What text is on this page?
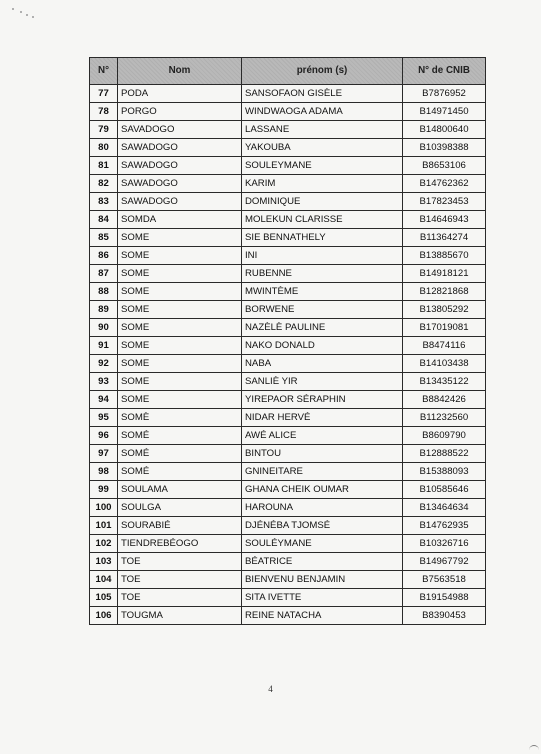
N°	Nom	prénom (s)	N° de CNIB
77	PODA	SANSOFAON GISÈLE	B7876952
78	PORGO	WINDWAOGA ADAMA	B14971450
79	SAVADOGO	LASSANE	B14800640
80	SAWADOGO	YAKOUBA	B10398388
81	SAWADOGO	SOULEYMANE	B8653106
82	SAWADOGO	KARIM	B14762362
83	SAWADOGO	DOMINIQUE	B17823453
84	SOMDA	MOLEKUN CLARISSE	B14646943
85	SOME	SIE BENNATHELY	B11364274
86	SOME	INI	B13885670
87	SOME	RUBENNE	B14918121
88	SOME	MWINTÈME	B12821868
89	SOME	BORWENE	B13805292
90	SOME	NAZÈLÈ PAULINE	B17019081
91	SOME	NAKO DONALD	B8474116
92	SOME	NABA	B14103438
93	SOME	SANLIÈ YIR	B13435122
94	SOME	YIREPAOR SÉRAPHIN	B8842426
95	SOMÈ	NIDAR HERVÉ	B11232560
96	SOMÉ	AWÉ ALICE	B8609790
97	SOMÉ	BINTOU	B12888522
98	SOMÉ	GNINEITARE	B15388093
99	SOULAMA	GHANA CHEIK OUMAR	B10585646
100	SOULGA	HAROUNA	B13464634
101	SOURABIÉ	DJÉNÉBA TJOMSÉ	B14762935
102	TIENDREBÉOGO	SOULÉYMANE	B10326716
103	TOE	BÉATRICE	B14967792
104	TOE	BIENVENU BENJAMIN	B7563518
105	TOE	SITA IVETTE	B19154988
106	TOUGMA	REINE NATACHA	B8390453
4
